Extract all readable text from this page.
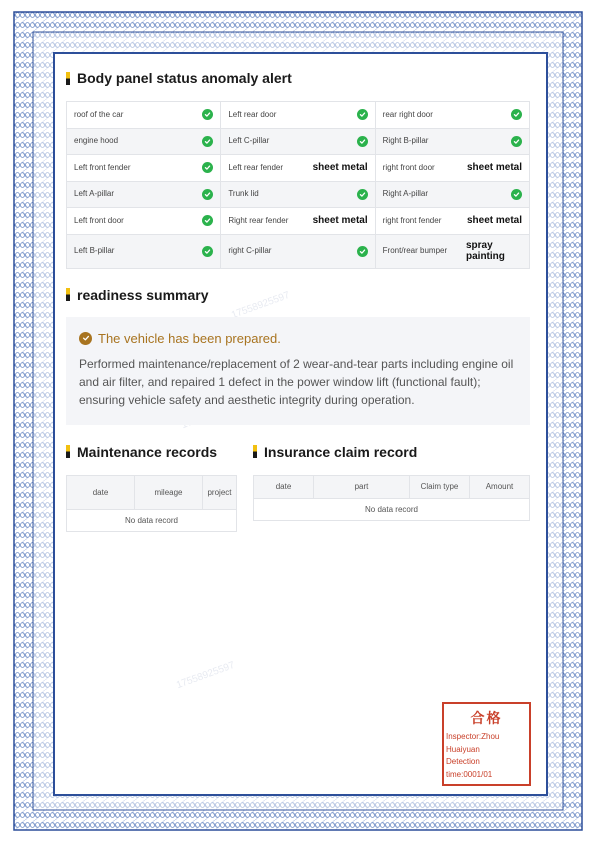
Body panel status anomaly alert
roof of the car	Left rear door	rear right door

engine hood	Left C-pillar	Right B-pillar

Left front fender	Left rear fender sheet metal	right front door sheet metal

Left A-pillar	Trunk lid	Right A-pillar

Left front door	Right rear fender sheet metal	right front fender sheet metal

Left B-pillar	right C-pillar	Front/rear bumper spray painting
readiness summary
The vehicle has been prepared.
Performed maintenance/replacement of 2 wear-and-tear parts including engine oil and air filter, and repaired 1 defect in the power window lift (functional fault); ensuring vehicle safety and aesthetic integrity during operation.
Maintenance records
date	mileage	project
No data record
Insurance claim record
date	part	Claim type	Amount
No data record
合格
Inspector:Zhou
Huaiyuan
Detection
time:0001/01
